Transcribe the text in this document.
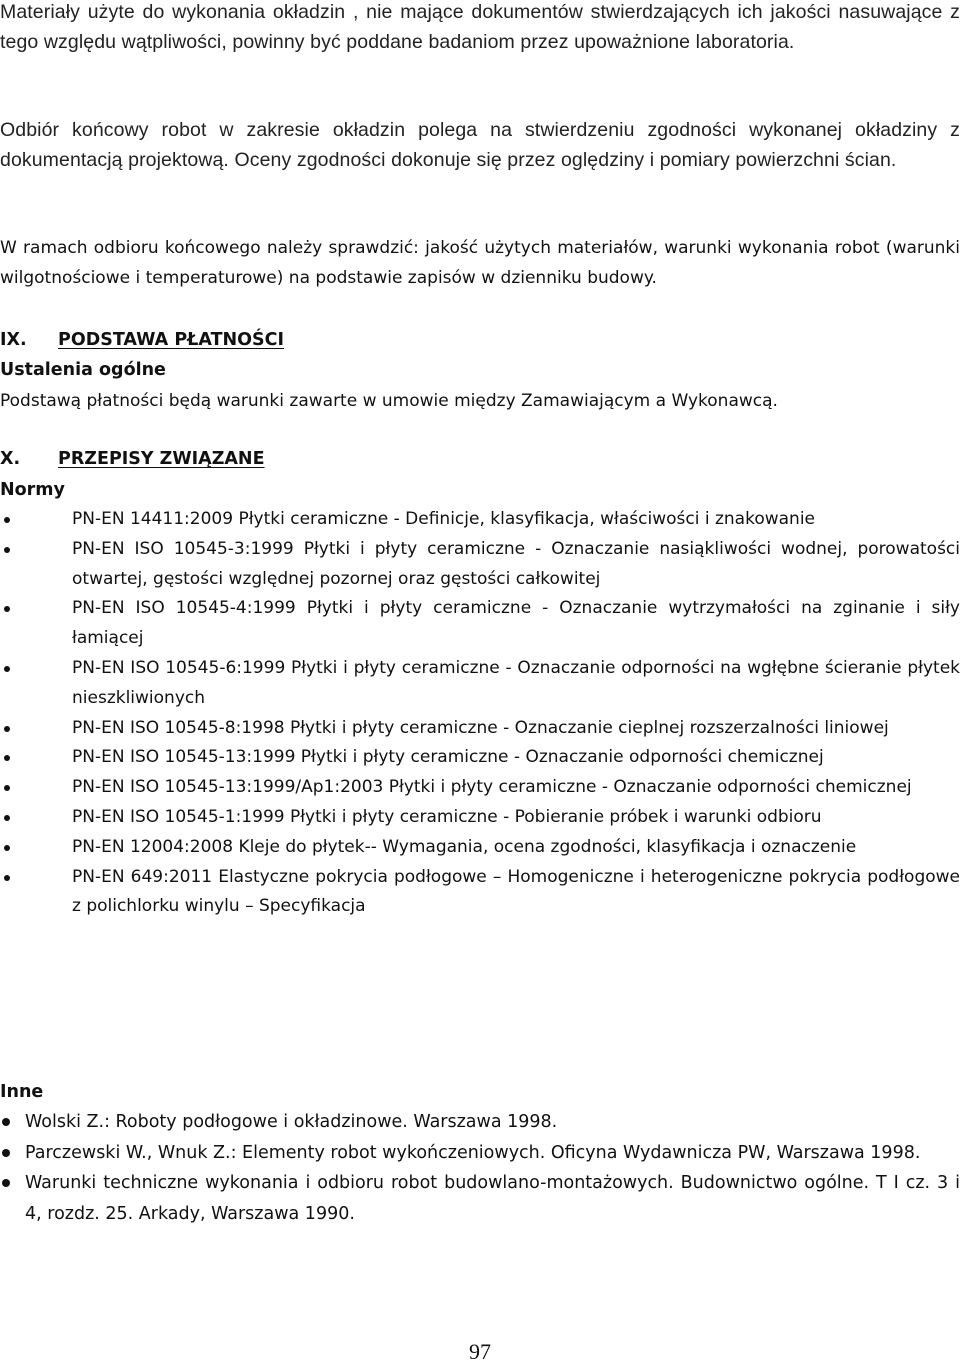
Materiały użyte do wykonania okładzin , nie mające dokumentów stwierdzających ich jakości nasuwające z tego względu wątpliwości, powinny być poddane badaniom przez upoważnione laboratoria.

Odbiór końcowy robot w zakresie okładzin polega na stwierdzeniu zgodności wykonanej okładziny z dokumentacją projektową. Oceny zgodności dokonuje się przez oględziny i pomiary powierzchni ścian.

W ramach odbioru końcowego należy sprawdzić: jakość użytych materiałów, warunki wykonania robot (warunki wilgotnościowe i temperaturowe) na podstawie zapisów w dzienniku budowy.

IX. PODSTAWA PŁATNOŚCI

Ustalenia ogólne

Podstawą płatności będą warunki zawarte w umowie między Zamawiającym a Wykonawcą.

X. PRZEPISY ZWIĄZANE

Normy

PN-EN 14411:2009 Płytki ceramiczne - Definicje, klasyfikacja, właściwości i znakowanie
PN-EN ISO 10545-3:1999 Płytki i płyty ceramiczne - Oznaczanie nasiąkliwości wodnej, porowatości otwartej, gęstości względnej pozornej oraz gęstości całkowitej
PN-EN ISO 10545-4:1999 Płytki i płyty ceramiczne - Oznaczanie wytrzymałości na zginanie i siły łamiącej
PN-EN ISO 10545-6:1999 Płytki i płyty ceramiczne - Oznaczanie odporności na wgłębne ścieranie płytek nieszkliwionych
PN-EN ISO 10545-8:1998 Płytki i płyty ceramiczne - Oznaczanie cieplnej rozszerzalności liniowej
PN-EN ISO 10545-13:1999 Płytki i płyty ceramiczne - Oznaczanie odporności chemicznej
PN-EN ISO 10545-13:1999/Ap1:2003 Płytki i płyty ceramiczne - Oznaczanie odporności chemicznej
PN-EN ISO 10545-1:1999 Płytki i płyty ceramiczne - Pobieranie próbek i warunki odbioru
PN-EN 12004:2008 Kleje do płytek-- Wymagania, ocena zgodności, klasyfikacja i oznaczenie
PN-EN 649:2011 Elastyczne pokrycia podłogowe – Homogeniczne i heterogeniczne pokrycia podłogowe z polichlorku winylu – Specyfikacja

Inne

Wolski Z.: Roboty podłogowe i okładzinowe. Warszawa 1998.
Parczewski W., Wnuk Z.: Elementy robot wykończeniowych. Oficyna Wydawnicza PW, Warszawa 1998.
Warunki techniczne wykonania i odbioru robot budowlano-montażowych. Budownictwo ogólne. T I cz. 3 i 4, rozdz. 25. Arkady, Warszawa 1990.
97
